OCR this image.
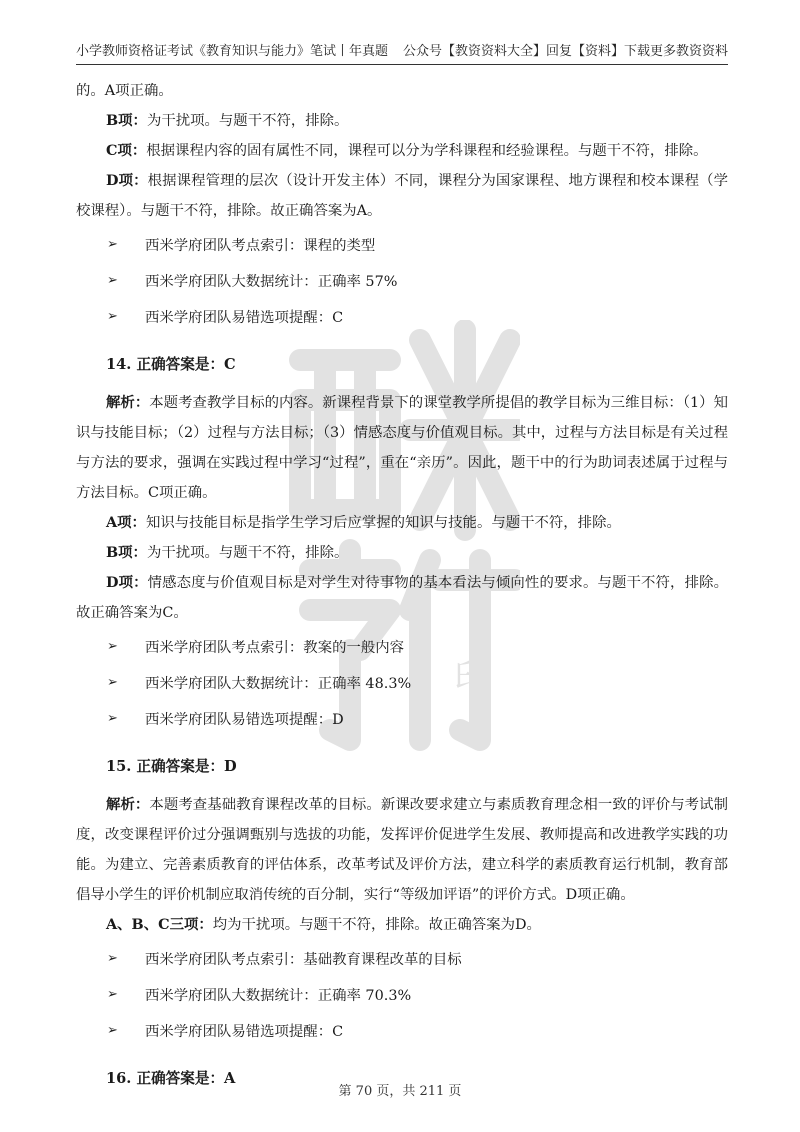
小学教师资格证考试《教育知识与能力》笔试丨年真题 公众号【教资资料大全】回复【资料】下载更多教资资料
印

的。A项正确。

B项：为干扰项。与题干不符，排除。

C项：根据课程内容的固有属性不同，课程可以分为学科课程和经验课程。与题干不符，排除。

D项：根据课程管理的层次（设计开发主体）不同，课程分为国家课程、地方课程和校本课程（学校课程）。与题干不符，排除。故正确答案为A。

➢	西米学府团队考点索引：课程的类型
➢	西米学府团队大数据统计：正确率 57%
➢	西米学府团队易错选项提醒：C
14. 正确答案是：C

解析：本题考查教学目标的内容。新课程背景下的课堂教学所提倡的教学目标为三维目标：（1）知识与技能目标；（2）过程与方法目标；（3）情感态度与价值观目标。其中，过程与方法目标是有关过程与方法的要求，强调在实践过程中学习“过程”，重在“亲历”。因此，题干中的行为助词表述属于过程与方法目标。C项正确。

A项：知识与技能目标是指学生学习后应掌握的知识与技能。与题干不符，排除。

B项：为干扰项。与题干不符，排除。

D项：情感态度与价值观目标是对学生对待事物的基本看法与倾向性的要求。与题干不符，排除。故正确答案为C。

➢	西米学府团队考点索引：教案的一般内容
➢	西米学府团队大数据统计：正确率 48.3%
➢	西米学府团队易错选项提醒：D
15. 正确答案是：D

解析：本题考查基础教育课程改革的目标。新课改要求建立与素质教育理念相一致的评价与考试制度，改变课程评价过分强调甄别与选拔的功能，发挥评价促进学生发展、教师提高和改进教学实践的功能。为建立、完善素质教育的评估体系，改革考试及评价方法，建立科学的素质教育运行机制，教育部倡导小学生的评价机制应取消传统的百分制，实行“等级加评语”的评价方式。D项正确。

A、B、C三项：均为干扰项。与题干不符，排除。故正确答案为D。

➢	西米学府团队考点索引：基础教育课程改革的目标
➢	西米学府团队大数据统计：正确率 70.3%
➢	西米学府团队易错选项提醒：C
16. 正确答案是：A
第 70 页，共 211 页
